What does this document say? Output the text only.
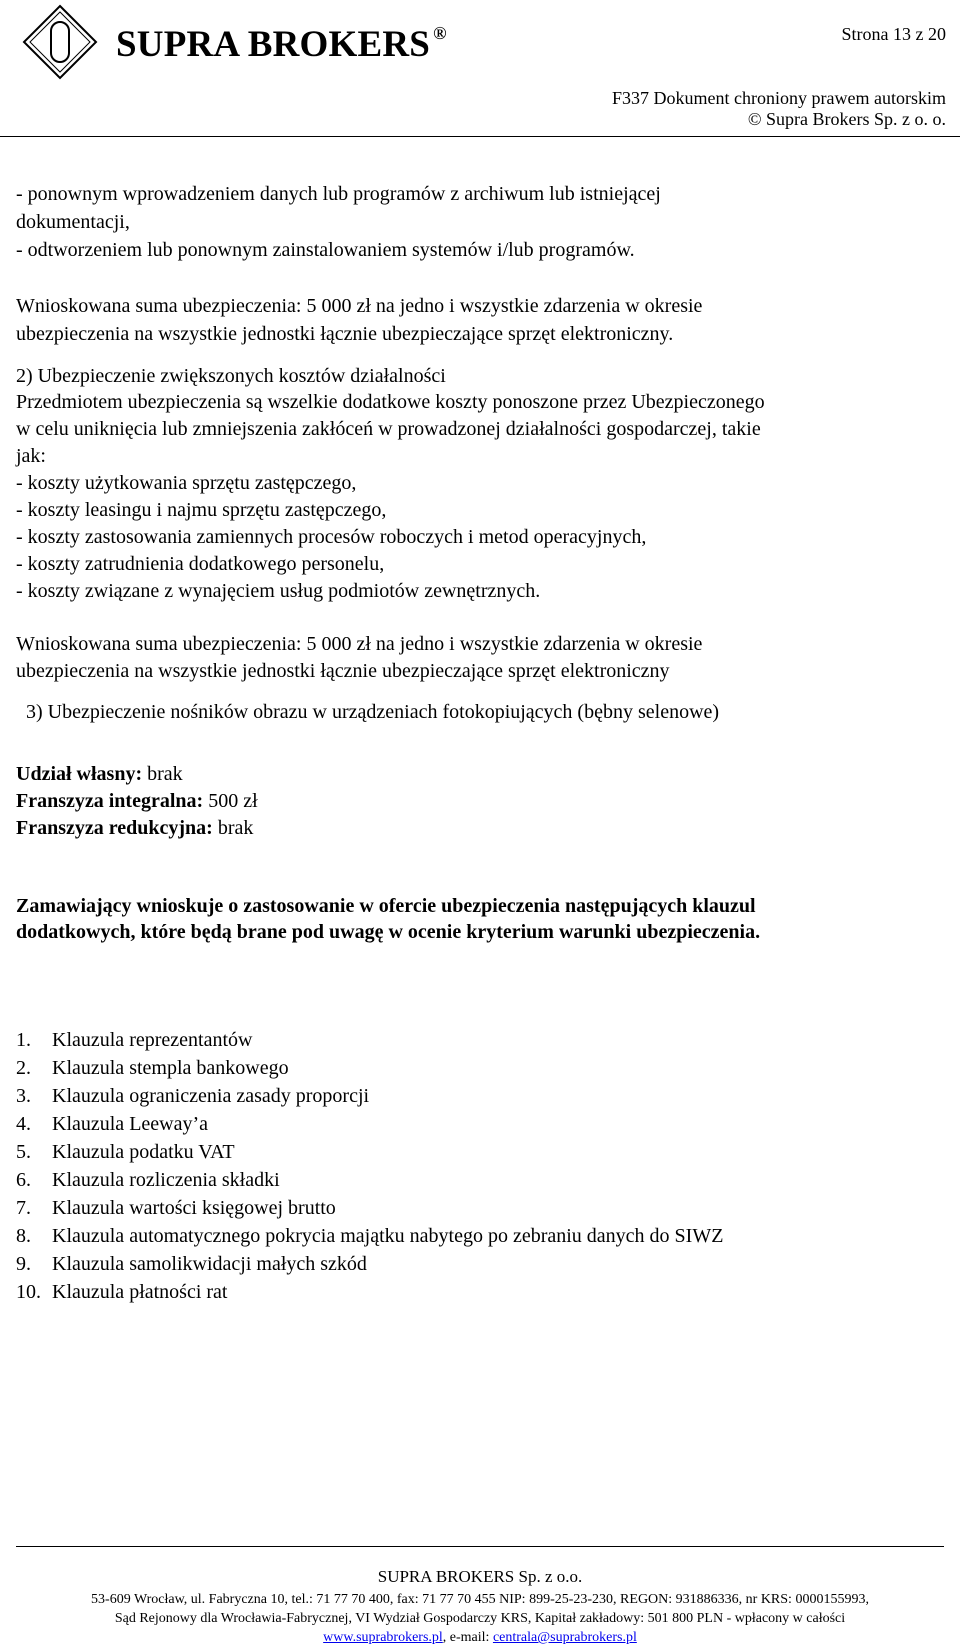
SUPRA BROKERS ®	Strona 13 z 20
F337 Dokument chroniony prawem autorskim
© Supra Brokers Sp. z o. o.
- ponownym wprowadzeniem danych lub programów z archiwum lub istniejącej
dokumentacji,
- odtworzeniem lub ponownym zainstalowaniem systemów i/lub programów.
Wnioskowana suma ubezpieczenia: 5 000 zł na jedno i wszystkie zdarzenia w okresie
ubezpieczenia na wszystkie jednostki łącznie ubezpieczające sprzęt elektroniczny.
2) Ubezpieczenie zwiększonych kosztów działalności
Przedmiotem ubezpieczenia są wszelkie dodatkowe koszty ponoszone przez Ubezpieczonego
w celu uniknięcia lub zmniejszenia zakłóceń w prowadzonej działalności gospodarczej, takie
jak:
- koszty użytkowania sprzętu zastępczego,
- koszty leasingu i najmu sprzętu zastępczego,
- koszty zastosowania zamiennych procesów roboczych i metod operacyjnych,
- koszty zatrudnienia dodatkowego personelu,
- koszty związane z wynajęciem usług podmiotów zewnętrznych.
Wnioskowana suma ubezpieczenia: 5 000 zł na jedno i wszystkie zdarzenia w okresie
ubezpieczenia na wszystkie jednostki łącznie ubezpieczające sprzęt elektroniczny
3) Ubezpieczenie nośników obrazu w urządzeniach fotokopiujących (bębny selenowe)
Udział własny: brak
Franszyza integralna: 500 zł
Franszyza redukcyjna: brak
Zamawiający wnioskuje o zastosowanie w ofercie ubezpieczenia następujących klauzul
dodatkowych, które będą brane pod uwagę w ocenie kryterium warunki ubezpieczenia.
1.	Klauzula reprezentantów
2.	Klauzula stempla bankowego
3.	Klauzula ograniczenia zasady proporcji
4.	Klauzula Leeway’a
5.	Klauzula podatku VAT
6.	Klauzula rozliczenia składki
7.	Klauzula wartości księgowej brutto
8.	Klauzula automatycznego pokrycia majątku nabytego po zebraniu danych do SIWZ
9.	Klauzula samolikwidacji małych szkód
10. Klauzula płatności rat
SUPRA BROKERS Sp. z o.o.
53-609 Wrocław, ul. Fabryczna 10, tel.: 71 77 70 400, fax: 71 77 70 455 NIP: 899-25-23-230, REGON: 931886336, nr KRS: 0000155993,
Sąd Rejonowy dla Wrocławia-Fabrycznej, VI Wydział Gospodarczy KRS, Kapitał zakładowy: 501 800 PLN - wpłacony w całości
www.suprabrokers.pl, e-mail: centrala@suprabrokers.pl
